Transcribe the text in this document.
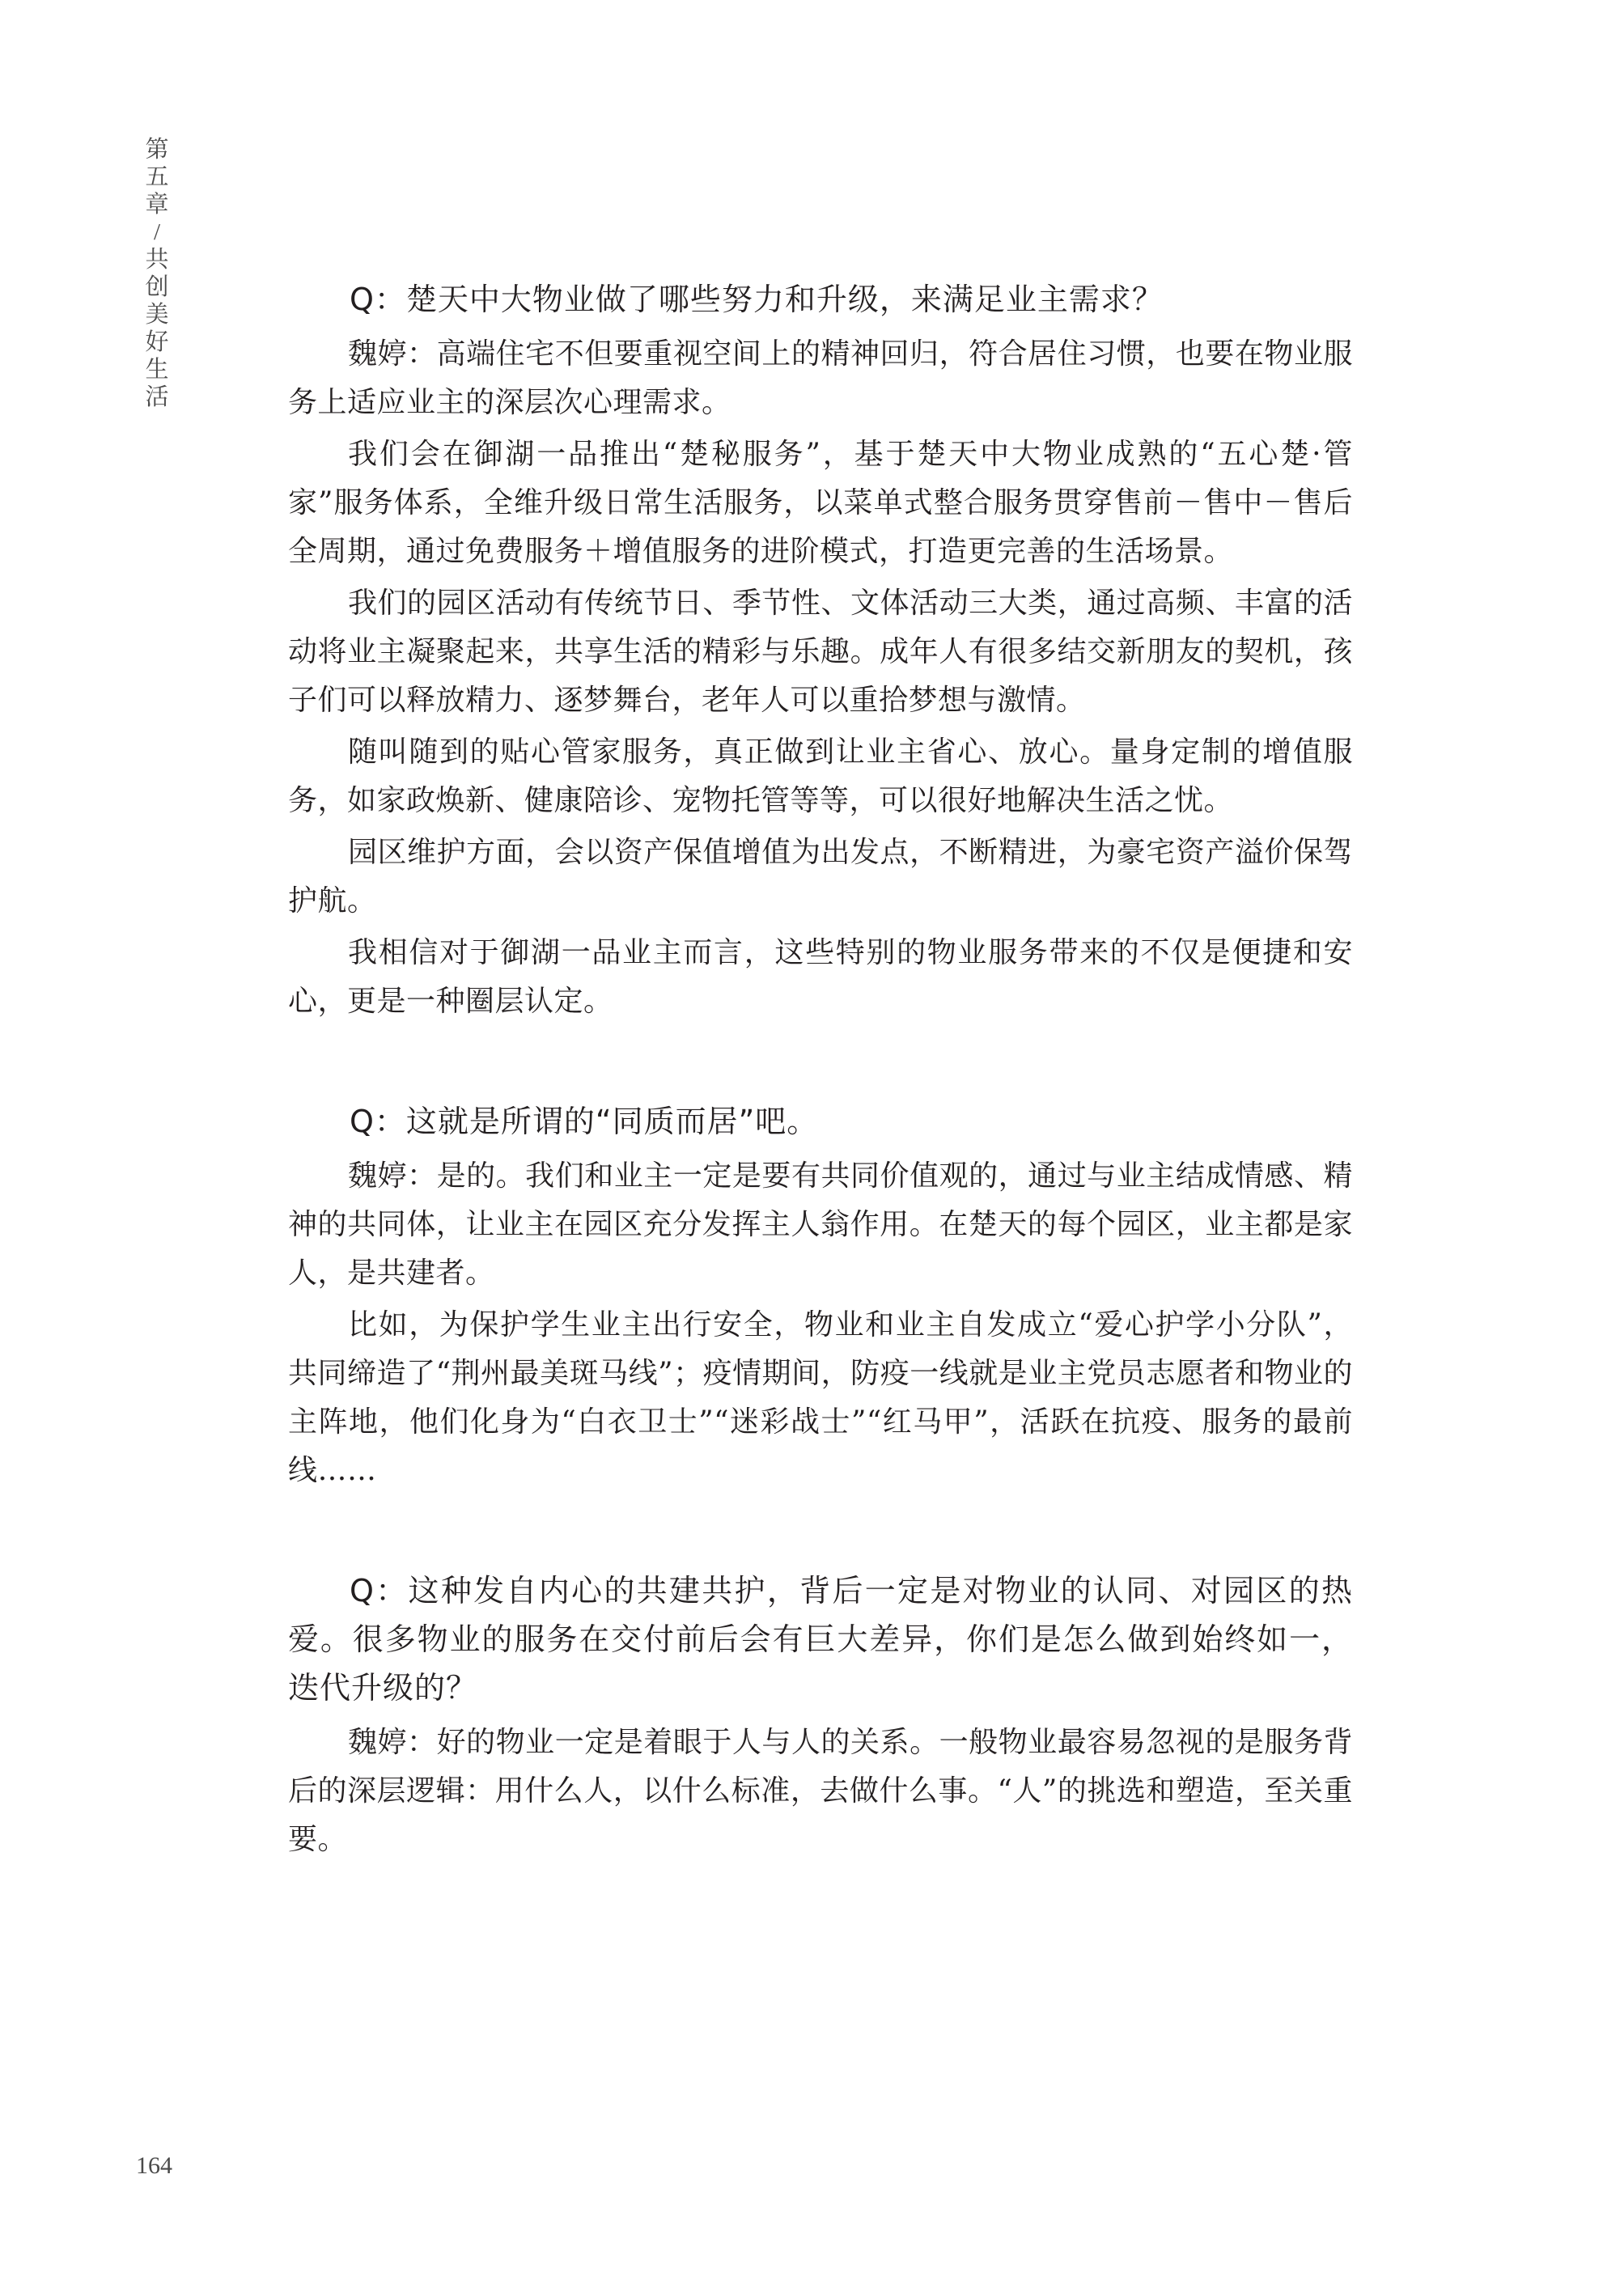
第五章 / 共创美好生活

Q：楚天中大物业做了哪些努力和升级，来满足业主需求？

魏婷：高端住宅不但要重视空间上的精神回归，符合居住习惯，也要在物业服务上适应业主的深层次心理需求。

我们会在御湖一品推出“楚秘服务”，基于楚天中大物业成熟的“五心楚·管家”服务体系，全维升级日常生活服务，以菜单式整合服务贯穿售前－售中－售后全周期，通过免费服务＋增值服务的进阶模式，打造更完善的生活场景。

我们的园区活动有传统节日、季节性、文体活动三大类，通过高频、丰富的活动将业主凝聚起来，共享生活的精彩与乐趣。成年人有很多结交新朋友的契机，孩子们可以释放精力、逐梦舞台，老年人可以重拾梦想与激情。

随叫随到的贴心管家服务，真正做到让业主省心、放心。量身定制的增值服务，如家政焕新、健康陪诊、宠物托管等等，可以很好地解决生活之忧。

园区维护方面，会以资产保值增值为出发点，不断精进，为豪宅资产溢价保驾护航。

我相信对于御湖一品业主而言，这些特别的物业服务带来的不仅是便捷和安心，更是一种圈层认定。

Q：这就是所谓的“同质而居”吧。

魏婷：是的。我们和业主一定是要有共同价值观的，通过与业主结成情感、精神的共同体，让业主在园区充分发挥主人翁作用。在楚天的每个园区，业主都是家人，是共建者。

比如，为保护学生业主出行安全，物业和业主自发成立“爱心护学小分队”，共同缔造了“荆州最美斑马线”；疫情期间，防疫一线就是业主党员志愿者和物业的主阵地，他们化身为“白衣卫士”“迷彩战士”“红马甲”，活跃在抗疫、服务的最前线……

Q：这种发自内心的共建共护，背后一定是对物业的认同、对园区的热爱。很多物业的服务在交付前后会有巨大差异，你们是怎么做到始终如一，迭代升级的？

魏婷：好的物业一定是着眼于人与人的关系。一般物业最容易忽视的是服务背后的深层逻辑：用什么人，以什么标准，去做什么事。“人”的挑选和塑造，至关重要。

164
